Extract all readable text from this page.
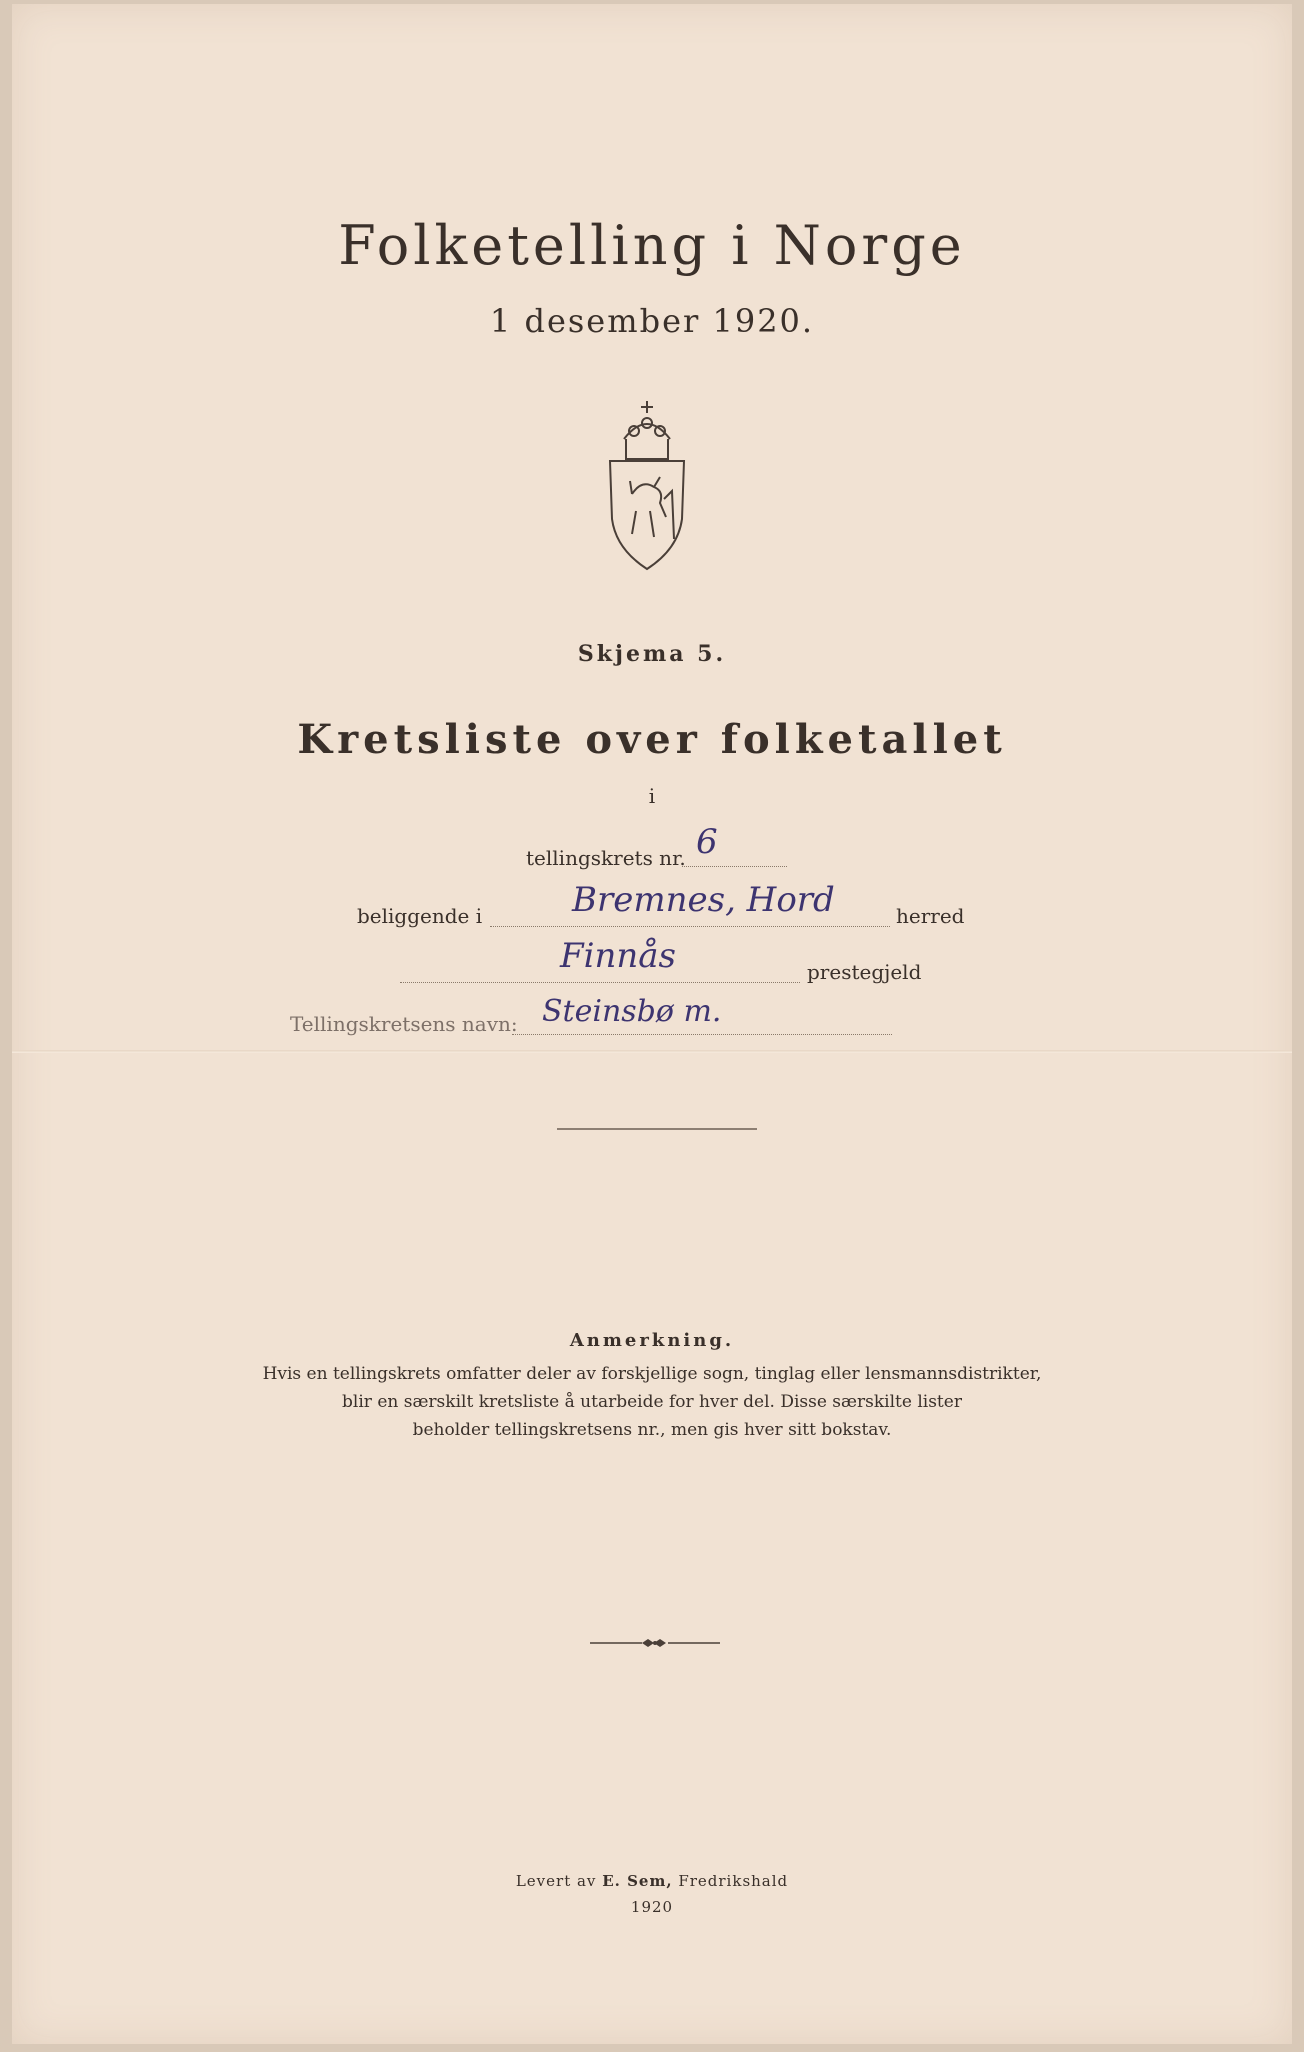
Folketelling i Norge
1 desember 1920.
Skjema 5.
Kretsliste over folketallet
i
tellingskrets nr. 6
beliggende i	Bremnes, Hord	herred
Finnås	prestegjeld
Tellingskretsens navn: Steinsbø m.
Anmerkning.
Hvis en tellingskrets omfatter deler av forskjellige sogn, tinglag eller lensmannsdistrikter,
blir en særskilt kretsliste å utarbeide for hver del. Disse særskilte lister
beholder tellingskretsens nr., men gis hver sitt bokstav.
Levert av E. Sem, Fredrikshald
1920
